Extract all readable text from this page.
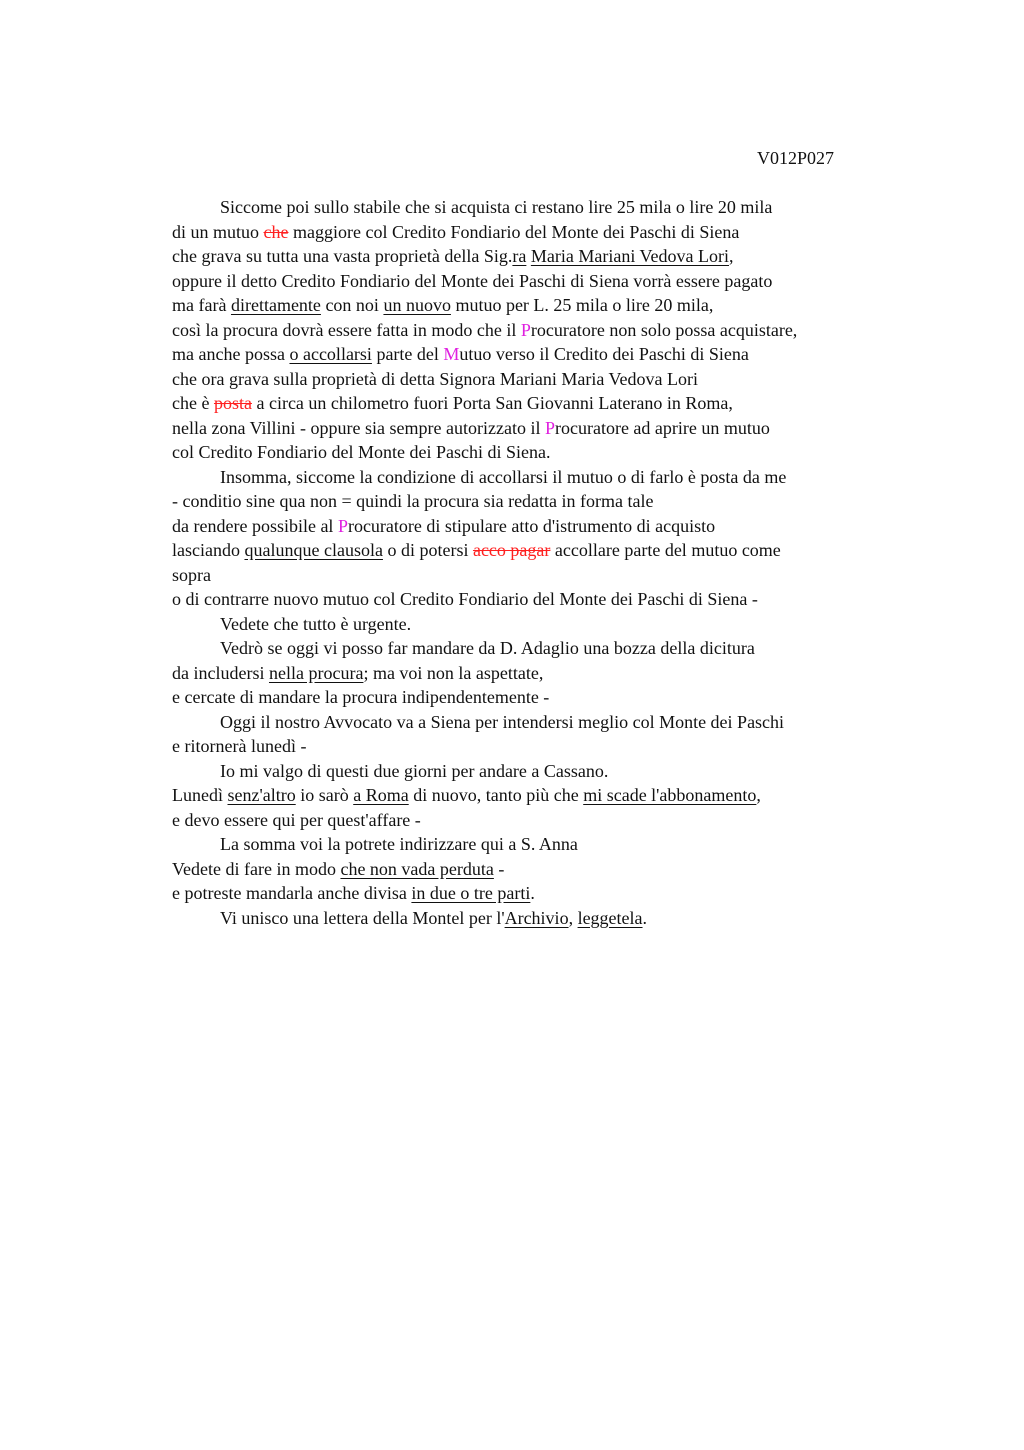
V012P027
Siccome poi sullo stabile che si acquista ci restano lire 25 mila o lire 20 mila
di un mutuo che maggiore col Credito Fondiario del Monte dei Paschi di Siena
che grava su tutta una vasta proprietà della Sig.ra Maria Mariani Vedova Lori,
oppure il detto Credito Fondiario del Monte dei Paschi di Siena vorrà essere pagato
ma farà direttamente con noi un nuovo mutuo per L. 25 mila o lire 20 mila,
così la procura dovrà essere fatta in modo che il Procuratore non solo possa acquistare,
ma anche possa o accollarsi parte del Mutuo verso il Credito dei Paschi di Siena
che ora grava sulla proprietà di detta Signora Mariani Maria Vedova Lori
che è posta a circa un chilometro fuori Porta San Giovanni Laterano in Roma,
nella zona Villini - oppure sia sempre autorizzato il Procuratore ad aprire un mutuo
col Credito Fondiario del Monte dei Paschi di Siena.
Insomma, siccome la condizione di accollarsi il mutuo o di farlo è posta da me
- conditio sine qua non = quindi la procura sia redatta in forma tale
da rendere possibile al Procuratore di stipulare atto d'istrumento di acquisto
lasciando qualunque clausola o di potersi acco pagar accollare parte del mutuo come
sopra
o di contrarre nuovo mutuo col Credito Fondiario del Monte dei Paschi di Siena -
Vedete che tutto è urgente.
Vedrò se oggi vi posso far mandare da D. Adaglio una bozza della dicitura
da includersi nella procura; ma voi non la aspettate,
e cercate di mandare la procura indipendentemente -
Oggi il nostro Avvocato va a Siena per intendersi meglio col Monte dei Paschi
e ritornerà lunedì -
Io mi valgo di questi due giorni per andare a Cassano.
Lunedì senz'altro io sarò a Roma di nuovo, tanto più che mi scade l'abbonamento,
e devo essere qui per quest'affare -
La somma voi la potrete indirizzare qui a S. Anna
Vedete di fare in modo che non vada perduta -
e potreste mandarla anche divisa in due o tre parti.
Vi unisco una lettera della Montel per l'Archivio, leggetela.
